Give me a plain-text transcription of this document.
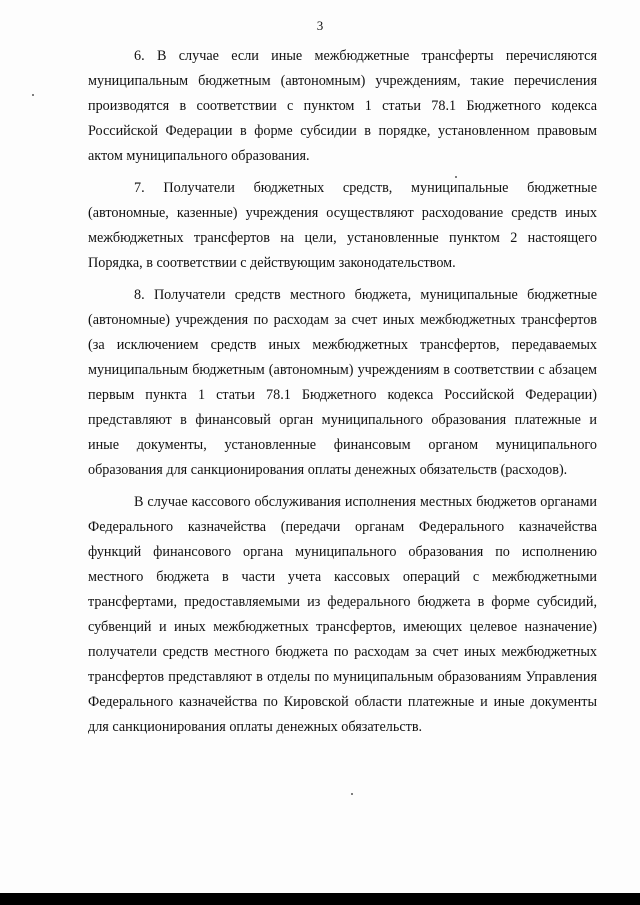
3

6. В случае если иные межбюджетные трансферты перечисляются муниципальным бюджетным (автономным) учреждениям, такие перечисления производятся в соответствии с пунктом 1 статьи 78.1 Бюджетного кодекса Российской Федерации в форме субсидии в порядке, установленном правовым актом муниципального образования.

7. Получатели бюджетных средств, муниципальные бюджетные (автономные, казенные) учреждения осуществляют расходование средств иных межбюджетных трансфертов на цели, установленные пунктом 2 настоящего Порядка, в соответствии с действующим законодательством.

8. Получатели средств местного бюджета, муниципальные бюджетные (автономные) учреждения по расходам за счет иных межбюджетных трансфертов (за исключением средств иных межбюджетных трансфертов, передаваемых муниципальным бюджетным (автономным) учреждениям в соответствии с абзацем первым пункта 1 статьи 78.1 Бюджетного кодекса Российской Федерации) представляют в финансовый орган муниципального образования платежные и иные документы, установленные финансовым органом муниципального образования для санкционирования оплаты денежных обязательств (расходов).

В случае кассового обслуживания исполнения местных бюджетов органами Федерального казначейства (передачи органам Федерального казначейства функций финансового органа муниципального образования по исполнению местного бюджета в части учета кассовых операций с межбюджетными трансфертами, предоставляемыми из федерального бюджета в форме субсидий, субвенций и иных межбюджетных трансфертов, имеющих целевое назначение) получатели средств местного бюджета по расходам за счет иных межбюджетных трансфертов представляют в отделы по муниципальным образованиям Управления Федерального казначейства по Кировской области платежные и иные документы для санкционирования оплаты денежных обязательств.
